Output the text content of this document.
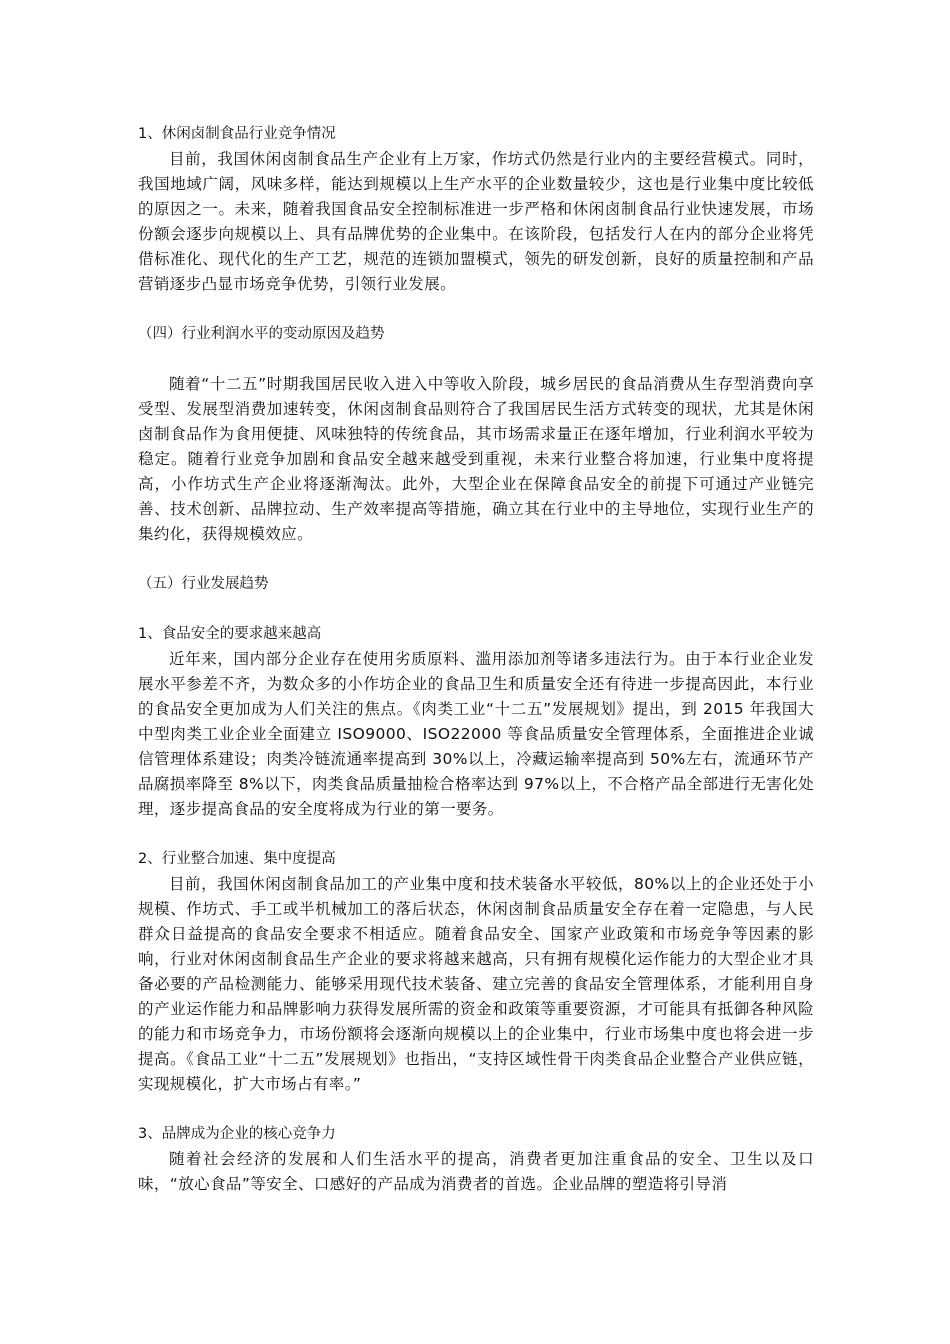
1、休闲卤制食品行业竞争情况

目前，我国休闲卤制食品生产企业有上万家，作坊式仍然是行业内的主要经营模式。同时，我国地域广阔，风味多样，能达到规模以上生产水平的企业数量较少，这也是行业集中度比较低的原因之一。未来，随着我国食品安全控制标准进一步严格和休闲卤制食品行业快速发展，市场份额会逐步向规模以上、具有品牌优势的企业集中。在该阶段，包括发行人在内的部分企业将凭借标准化、现代化的生产工艺，规范的连锁加盟模式，领先的研发创新，良好的质量控制和产品营销逐步凸显市场竞争优势，引领行业发展。

（四）行业利润水平的变动原因及趋势

随着“十二五”时期我国居民收入进入中等收入阶段，城乡居民的食品消费从生存型消费向享受型、发展型消费加速转变，休闲卤制食品则符合了我国居民生活方式转变的现状，尤其是休闲卤制食品作为食用便捷、风味独特的传统食品，其市场需求量正在逐年增加，行业利润水平较为稳定。随着行业竞争加剧和食品安全越来越受到重视，未来行业整合将加速，行业集中度将提高，小作坊式生产企业将逐渐淘汰。此外，大型企业在保障食品安全的前提下可通过产业链完善、技术创新、品牌拉动、生产效率提高等措施，确立其在行业中的主导地位，实现行业生产的集约化，获得规模效应。

（五）行业发展趋势

1、食品安全的要求越来越高

近年来，国内部分企业存在使用劣质原料、滥用添加剂等诸多违法行为。由于本行业企业发展水平参差不齐，为数众多的小作坊企业的食品卫生和质量安全还有待进一步提高因此，本行业的食品安全更加成为人们关注的焦点。《肉类工业“十二五”发展规划》提出，到 2015 年我国大中型肉类工业企业全面建立 ISO9000、ISO22000 等食品质量安全管理体系，全面推进企业诚信管理体系建设；肉类冷链流通率提高到 30%以上，冷藏运输率提高到 50%左右，流通环节产品腐损率降至 8%以下，肉类食品质量抽检合格率达到 97%以上，不合格产品全部进行无害化处理，逐步提高食品的安全度将成为行业的第一要务。

2、行业整合加速、集中度提高

目前，我国休闲卤制食品加工的产业集中度和技术装备水平较低，80%以上的企业还处于小规模、作坊式、手工或半机械加工的落后状态，休闲卤制食品质量安全存在着一定隐患，与人民群众日益提高的食品安全要求不相适应。随着食品安全、国家产业政策和市场竞争等因素的影响，行业对休闲卤制食品生产企业的要求将越来越高，只有拥有规模化运作能力的大型企业才具备必要的产品检测能力、能够采用现代技术装备、建立完善的食品安全管理体系，才能利用自身的产业运作能力和品牌影响力获得发展所需的资金和政策等重要资源，才可能具有抵御各种风险的能力和市场竞争力，市场份额将会逐渐向规模以上的企业集中，行业市场集中度也将会进一步提高。《食品工业“十二五”发展规划》也指出，“支持区域性骨干肉类食品企业整合产业供应链，实现规模化，扩大市场占有率。”

3、品牌成为企业的核心竞争力

随着社会经济的发展和人们生活水平的提高，消费者更加注重食品的安全、卫生以及口味，“放心食品”等安全、口感好的产品成为消费者的首选。企业品牌的塑造将引导消
